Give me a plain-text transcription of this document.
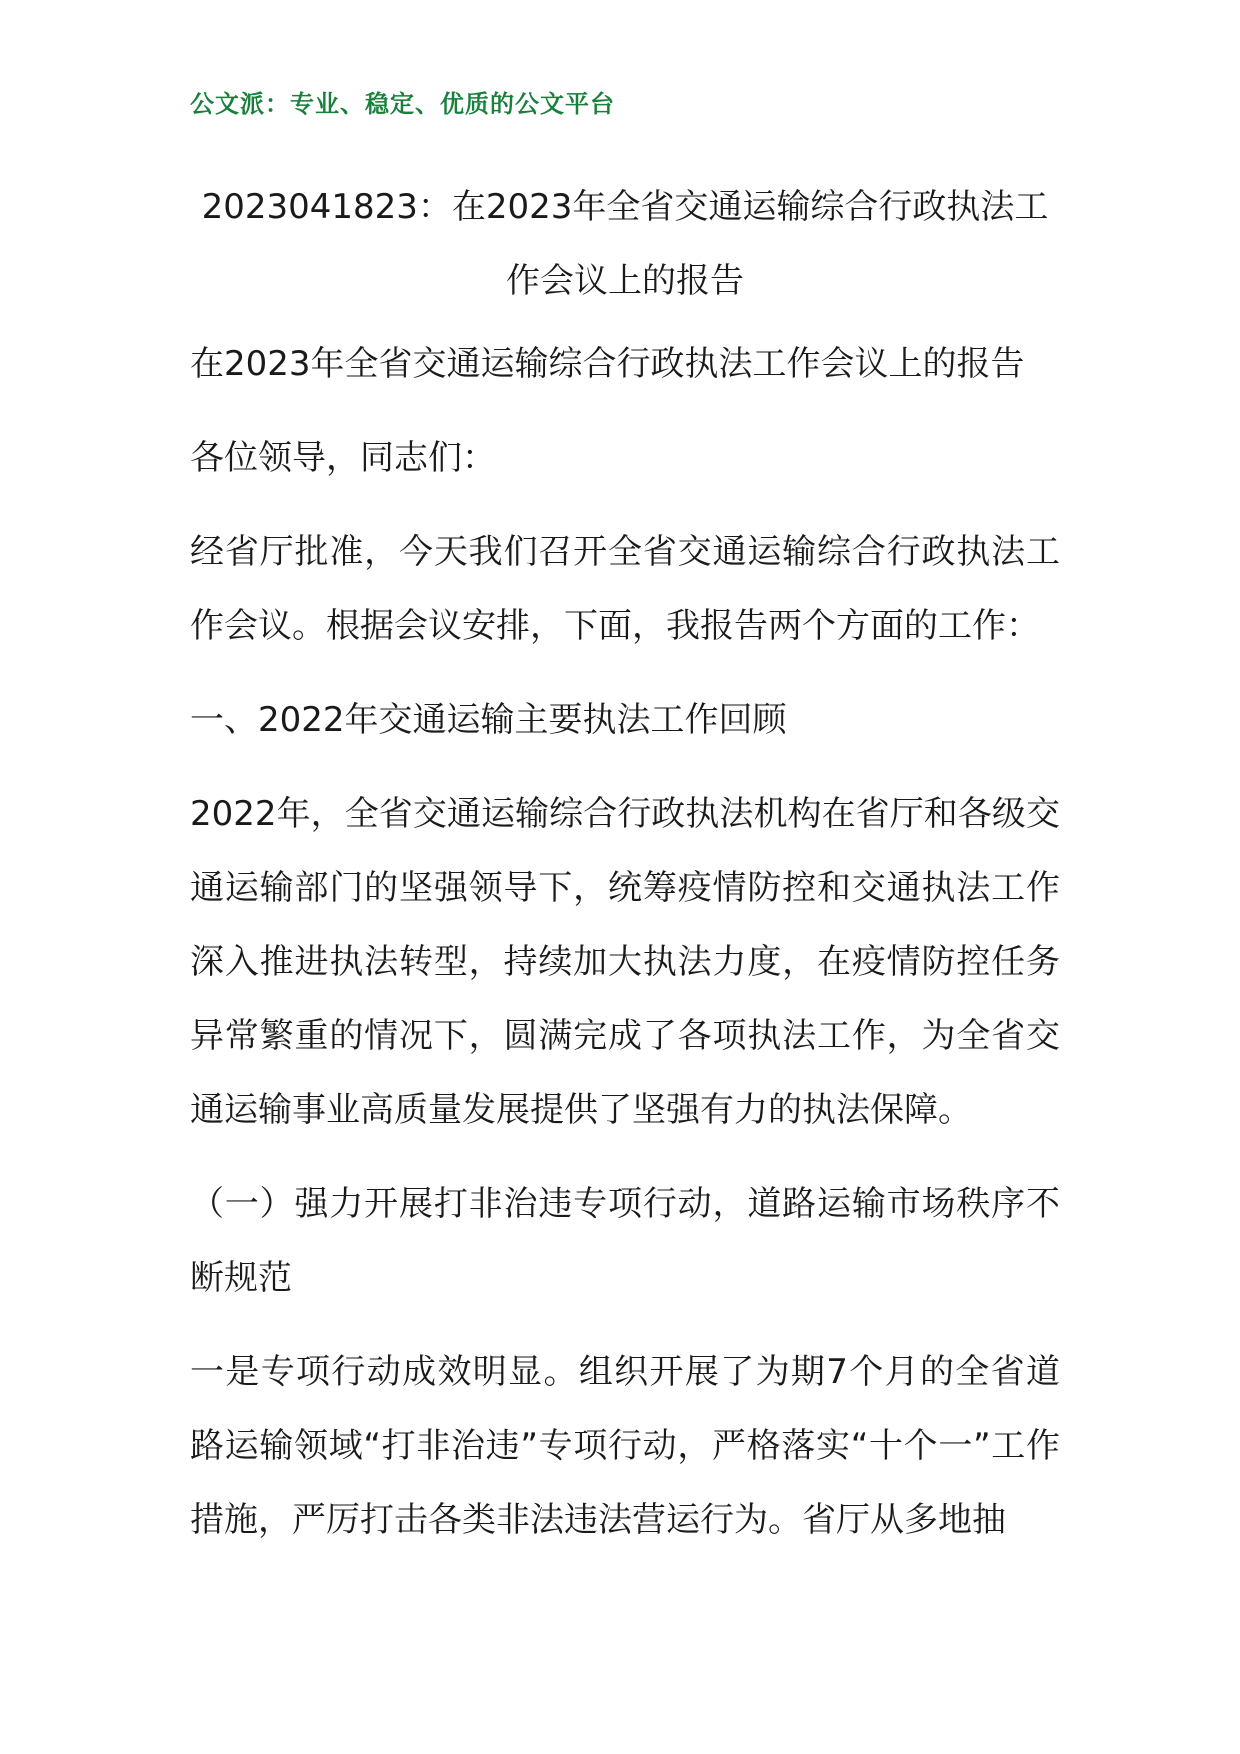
公文派：专业、稳定、优质的公文平台
2023041823：在2023年全省交通运输综合行政执法工作会议上的报告

在2023年全省交通运输综合行政执法工作会议上的报告

各位领导，同志们：

经省厅批准，今天我们召开全省交通运输综合行政执法工作会议。根据会议安排，下面，我报告两个方面的工作：

一、2022年交通运输主要执法工作回顾

2022年，全省交通运输综合行政执法机构在省厅和各级交通运输部门的坚强领导下，统筹疫情防控和交通执法工作深入推进执法转型，持续加大执法力度，在疫情防控任务异常繁重的情况下，圆满完成了各项执法工作，为全省交通运输事业高质量发展提供了坚强有力的执法保障。

（一）强力开展打非治违专项行动，道路运输市场秩序不断规范

一是专项行动成效明显。组织开展了为期7个月的全省道路运输领域“打非治违”专项行动，严格落实“十个一”工作措施，严厉打击各类非法违法营运行为。省厅从多地抽
